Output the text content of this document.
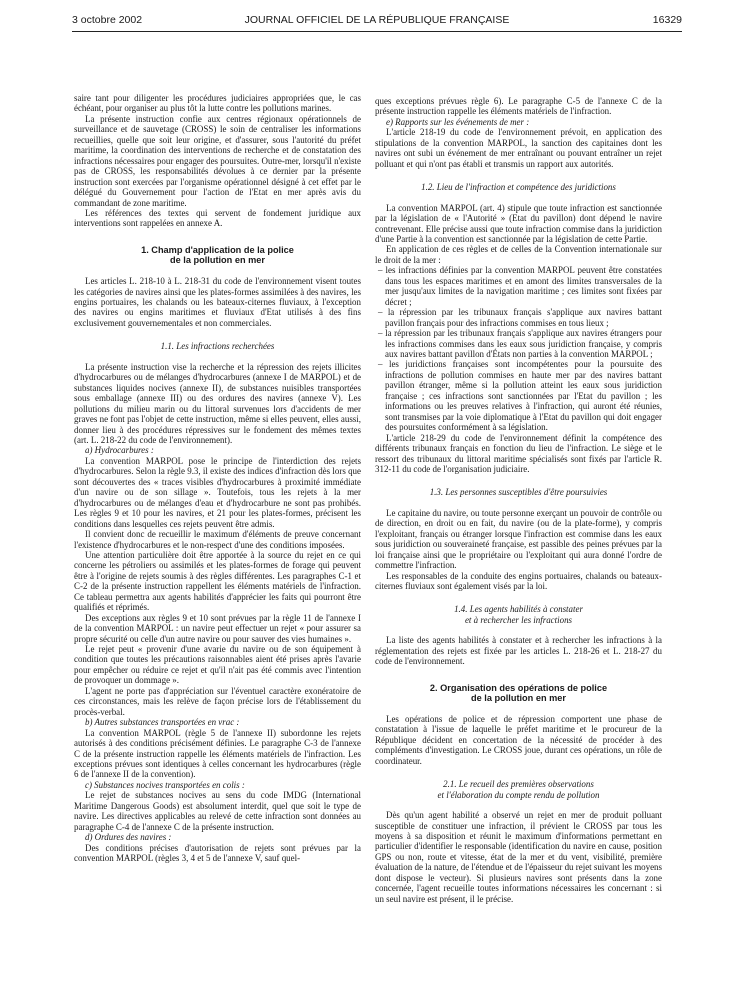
3 octobre 2002	JOURNAL OFFICIEL DE LA RÉPUBLIQUE FRANÇAISE	16329

saire tant pour diligenter les procédures judiciaires appropriées que, le cas échéant, pour organiser au plus tôt la lutte contre les pollutions marines.

La présente instruction confie aux centres régionaux opérationnels de surveillance et de sauvetage (CROSS) le soin de centraliser les informations recueillies, quelle que soit leur origine, et d'assurer, sous l'autorité du préfet maritime, la coordination des interventions de recherche et de constatation des infractions nécessaires pour engager des poursuites. Outre-mer, lorsqu'il n'existe pas de CROSS, les responsabilités dévolues à ce dernier par la présente instruction sont exercées par l'organisme opérationnel désigné à cet effet par le délégué du Gouvernement pour l'action de l'Etat en mer après avis du commandant de zone maritime.

Les références des textes qui servent de fondement juridique aux interventions sont rappelées en annexe A.

1. Champ d'application de la police
de la pollution en mer

Les articles L. 218-10 à L. 218-31 du code de l'environnement visent toutes les catégories de navires ainsi que les plates-formes assimilées à des navires, les engins portuaires, les chalands ou les bateaux-citernes fluviaux, à l'exception des navires ou engins maritimes et fluviaux d'Etat utilisés à des fins exclusivement gouvernementales et non commerciales.

1.1. Les infractions recherchées

La présente instruction vise la recherche et la répression des rejets illicites d'hydrocarbures ou de mélanges d'hydrocarbures (annexe I de MARPOL) et de substances liquides nocives (annexe II), de substances nuisibles transportées sous emballage (annexe III) ou des ordures des navires (annexe V). Les pollutions du milieu marin ou du littoral survenues lors d'accidents de mer graves ne font pas l'objet de cette instruction, même si elles peuvent, elles aussi, donner lieu à des procédures répressives sur le fondement des mêmes textes (art. L. 218-22 du code de l'environnement).

a) Hydrocarbures :

La convention MARPOL pose le principe de l'interdiction des rejets d'hydrocarbures. Selon la règle 9.3, il existe des indices d'infraction dès lors que sont découvertes des « traces visibles d'hydrocarbures à proximité immédiate d'un navire ou de son sillage ». Toutefois, tous les rejets à la mer d'hydrocarbures ou de mélanges d'eau et d'hydrocarbure ne sont pas prohibés. Les règles 9 et 10 pour les navires, et 21 pour les plates-formes, précisent les conditions dans lesquelles ces rejets peuvent être admis.

Il convient donc de recueillir le maximum d'éléments de preuve concernant l'existence d'hydrocarbures et le non-respect d'une des conditions imposées.

Une attention particulière doit être apportée à la source du rejet en ce qui concerne les pétroliers ou assimilés et les plates-formes de forage qui peuvent être à l'origine de rejets soumis à des règles différentes. Les paragraphes C-1 et C-2 de la présente instruction rappellent les éléments matériels de l'infraction. Ce tableau permettra aux agents habilités d'apprécier les faits qui pourront être qualifiés et réprimés.

Des exceptions aux règles 9 et 10 sont prévues par la règle 11 de l'annexe I de la convention MARPOL : un navire peut effectuer un rejet « pour assurer sa propre sécurité ou celle d'un autre navire ou pour sauver des vies humaines ».

Le rejet peut « provenir d'une avarie du navire ou de son équipement à condition que toutes les précautions raisonnables aient été prises après l'avarie pour empêcher ou réduire ce rejet et qu'il n'ait pas été commis avec l'intention de provoquer un dommage ».

L'agent ne porte pas d'appréciation sur l'éventuel caractère exonératoire de ces circonstances, mais les relève de façon précise lors de l'établissement du procès-verbal.

b) Autres substances transportées en vrac :

La convention MARPOL (règle 5 de l'annexe II) subordonne les rejets autorisés à des conditions précisément définies. Le paragraphe C-3 de l'annexe C de la présente instruction rappelle les éléments matériels de l'infraction. Les exceptions prévues sont identiques à celles concernant les hydrocarbures (règle 6 de l'annexe II de la convention).

c) Substances nocives transportées en colis :

Le rejet de substances nocives au sens du code IMDG (International Maritime Dangerous Goods) est absolument interdit, quel que soit le type de navire. Les directives applicables au relevé de cette infraction sont données au paragraphe C-4 de l'annexe C de la présente instruction.

d) Ordures des navires :

Des conditions précises d'autorisation de rejets sont prévues par la convention MARPOL (règles 3, 4 et 5 de l'annexe V, sauf quel-

ques exceptions prévues règle 6). Le paragraphe C-5 de l'annexe C de la présente instruction rappelle les éléments matériels de l'infraction.

e) Rapports sur les événements de mer :

L'article 218-19 du code de l'environnement prévoit, en application des stipulations de la convention MARPOL, la sanction des capitaines dont les navires ont subi un événement de mer entraînant ou pouvant entraîner un rejet polluant et qui n'ont pas établi et transmis un rapport aux autorités.

1.2. Lieu de l'infraction et compétence des juridictions

La convention MARPOL (art. 4) stipule que toute infraction est sanctionnée par la législation de « l'Autorité » (Etat du pavillon) dont dépend le navire contrevenant. Elle précise aussi que toute infraction commise dans la juridiction d'une Partie à la convention est sanctionnée par la législation de cette Partie.

En application de ces règles et de celles de la Convention internationale sur le droit de la mer :

– les infractions définies par la convention MARPOL peuvent être constatées dans tous les espaces maritimes et en amont des limites transversales de la mer jusqu'aux limites de la navigation maritime ; ces limites sont fixées par décret ;

– la répression par les tribunaux français s'applique aux navires battant pavillon français pour des infractions commises en tous lieux ;

– la répression par les tribunaux français s'applique aux navires étrangers pour les infractions commises dans les eaux sous juridiction française, y compris aux navires battant pavillon d'États non parties à la convention MARPOL ;

– les juridictions françaises sont incompétentes pour la poursuite des infractions de pollution commises en haute mer par des navires battant pavillon étranger, même si la pollution atteint les eaux sous juridiction française ; ces infractions sont sanctionnées par l'Etat du pavillon ; les informations ou les preuves relatives à l'infraction, qui auront été réunies, sont transmises par la voie diplomatique à l'Etat du pavillon qui doit engager des poursuites conformément à sa législation.

L'article 218-29 du code de l'environnement définit la compétence des différents tribunaux français en fonction du lieu de l'infraction. Le siège et le ressort des tribunaux du littoral maritime spécialisés sont fixés par l'article R. 312-11 du code de l'organisation judiciaire.

1.3. Les personnes susceptibles d'être poursuivies

Le capitaine du navire, ou toute personne exerçant un pouvoir de contrôle ou de direction, en droit ou en fait, du navire (ou de la plate-forme), y compris l'exploitant, français ou étranger lorsque l'infraction est commise dans les eaux sous juridiction ou souveraineté française, est passible des peines prévues par la loi française ainsi que le propriétaire ou l'exploitant qui aura donné l'ordre de commettre l'infraction.

Les responsables de la conduite des engins portuaires, chalands ou bateaux-citernes fluviaux sont également visés par la loi.

1.4. Les agents habilités à constater
et à rechercher les infractions

La liste des agents habilités à constater et à rechercher les infractions à la réglementation des rejets est fixée par les articles L. 218-26 et L. 218-27 du code de l'environnement.

2. Organisation des opérations de police
de la pollution en mer

Les opérations de police et de répression comportent une phase de constatation à l'issue de laquelle le préfet maritime et le procureur de la République décident en concertation de la nécessité de procéder à des compléments d'investigation. Le CROSS joue, durant ces opérations, un rôle de coordinateur.

2.1. Le recueil des premières observations
et l'élaboration du compte rendu de pollution

Dès qu'un agent habilité a observé un rejet en mer de produit polluant susceptible de constituer une infraction, il prévient le CROSS par tous les moyens à sa disposition et réunit le maximum d'informations permettant en particulier d'identifier le responsable (identification du navire en cause, position GPS ou non, route et vitesse, état de la mer et du vent, visibilité, première évaluation de la nature, de l'étendue et de l'épaisseur du rejet suivant les moyens dont dispose le vecteur). Si plusieurs navires sont présents dans la zone concernée, l'agent recueille toutes informations nécessaires les concernant : si un seul navire est présent, il le précise.
